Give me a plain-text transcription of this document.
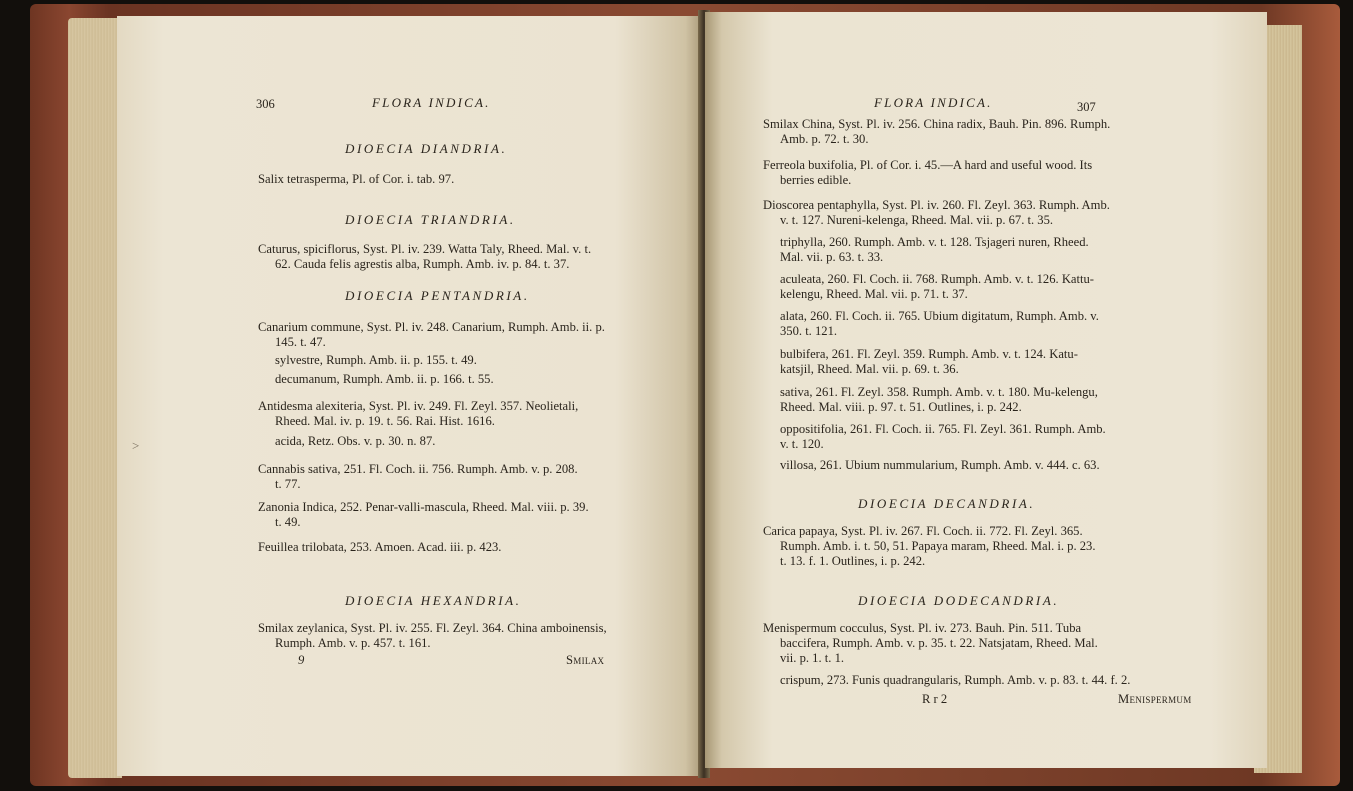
306	FLORA INDICA.
DIOECIA DIANDRIA.
Salix tetrasperma, Pl. of Cor. i. tab. 97.
DIOECIA TRIANDRIA.
Caturus, spiciflorus, Syst. Pl. iv. 239. Watta Taly, Rheed. Mal. v. t.
62. Cauda felis agrestis alba, Rumph. Amb. iv. p. 84. t. 37.
DIOECIA PENTANDRIA.
Canarium commune, Syst. Pl. iv. 248. Canarium, Rumph. Amb. ii. p.
145. t. 47.
sylvestre, Rumph. Amb. ii. p. 155. t. 49.
decumanum, Rumph. Amb. ii. p. 166. t. 55.
Antidesma alexiteria, Syst. Pl. iv. 249. Fl. Zeyl. 357. Neolietali,
Rheed. Mal. iv. p. 19. t. 56. Rai. Hist. 1616.
acida, Retz. Obs. v. p. 30. n. 87.
Cannabis sativa, 251. Fl. Coch. ii. 756. Rumph. Amb. v. p. 208.
t. 77.
Zanonia Indica, 252. Penar-valli-mascula, Rheed. Mal. viii. p. 39.
t. 49.
Feuillea trilobata, 253. Amoen. Acad. iii. p. 423.
DIOECIA HEXANDRIA.
Smilax zeylanica, Syst. Pl. iv. 255. Fl. Zeyl. 364. China amboinensis,
Rumph. Amb. v. p. 457. t. 161.
9	Smilax
>
FLORA INDICA.	307
Smilax China, Syst. Pl. iv. 256. China radix, Bauh. Pin. 896. Rumph.
Amb. p. 72. t. 30.
Ferreola buxifolia, Pl. of Cor. i. 45.—A hard and useful wood. Its
berries edible.
Dioscorea pentaphylla, Syst. Pl. iv. 260. Fl. Zeyl. 363. Rumph. Amb.
v. t. 127. Nureni-kelenga, Rheed. Mal. vii. p. 67. t. 35.
triphylla, 260. Rumph. Amb. v. t. 128. Tsjageri nuren, Rheed.
Mal. vii. p. 63. t. 33.
aculeata, 260. Fl. Coch. ii. 768. Rumph. Amb. v. t. 126. Kattu-
kelengu, Rheed. Mal. vii. p. 71. t. 37.
alata, 260. Fl. Coch. ii. 765. Ubium digitatum, Rumph. Amb. v.
350. t. 121.
bulbifera, 261. Fl. Zeyl. 359. Rumph. Amb. v. t. 124. Katu-
katsjil, Rheed. Mal. vii. p. 69. t. 36.
sativa, 261. Fl. Zeyl. 358. Rumph. Amb. v. t. 180. Mu-kelengu,
Rheed. Mal. viii. p. 97. t. 51. Outlines, i. p. 242.
oppositifolia, 261. Fl. Coch. ii. 765. Fl. Zeyl. 361. Rumph. Amb.
v. t. 120.
villosa, 261. Ubium nummularium, Rumph. Amb. v. 444. c. 63.
DIOECIA DECANDRIA.
Carica papaya, Syst. Pl. iv. 267. Fl. Coch. ii. 772. Fl. Zeyl. 365.
Rumph. Amb. i. t. 50, 51. Papaya maram, Rheed. Mal. i. p. 23.
t. 13. f. 1. Outlines, i. p. 242.
DIOECIA DODECANDRIA.
Menispermum cocculus, Syst. Pl. iv. 273. Bauh. Pin. 511. Tuba
baccifera, Rumph. Amb. v. p. 35. t. 22. Natsjatam, Rheed. Mal.
vii. p. 1. t. 1.
crispum, 273. Funis quadrangularis, Rumph. Amb. v. p. 83. t. 44. f. 2.
R r 2	Menispermum
